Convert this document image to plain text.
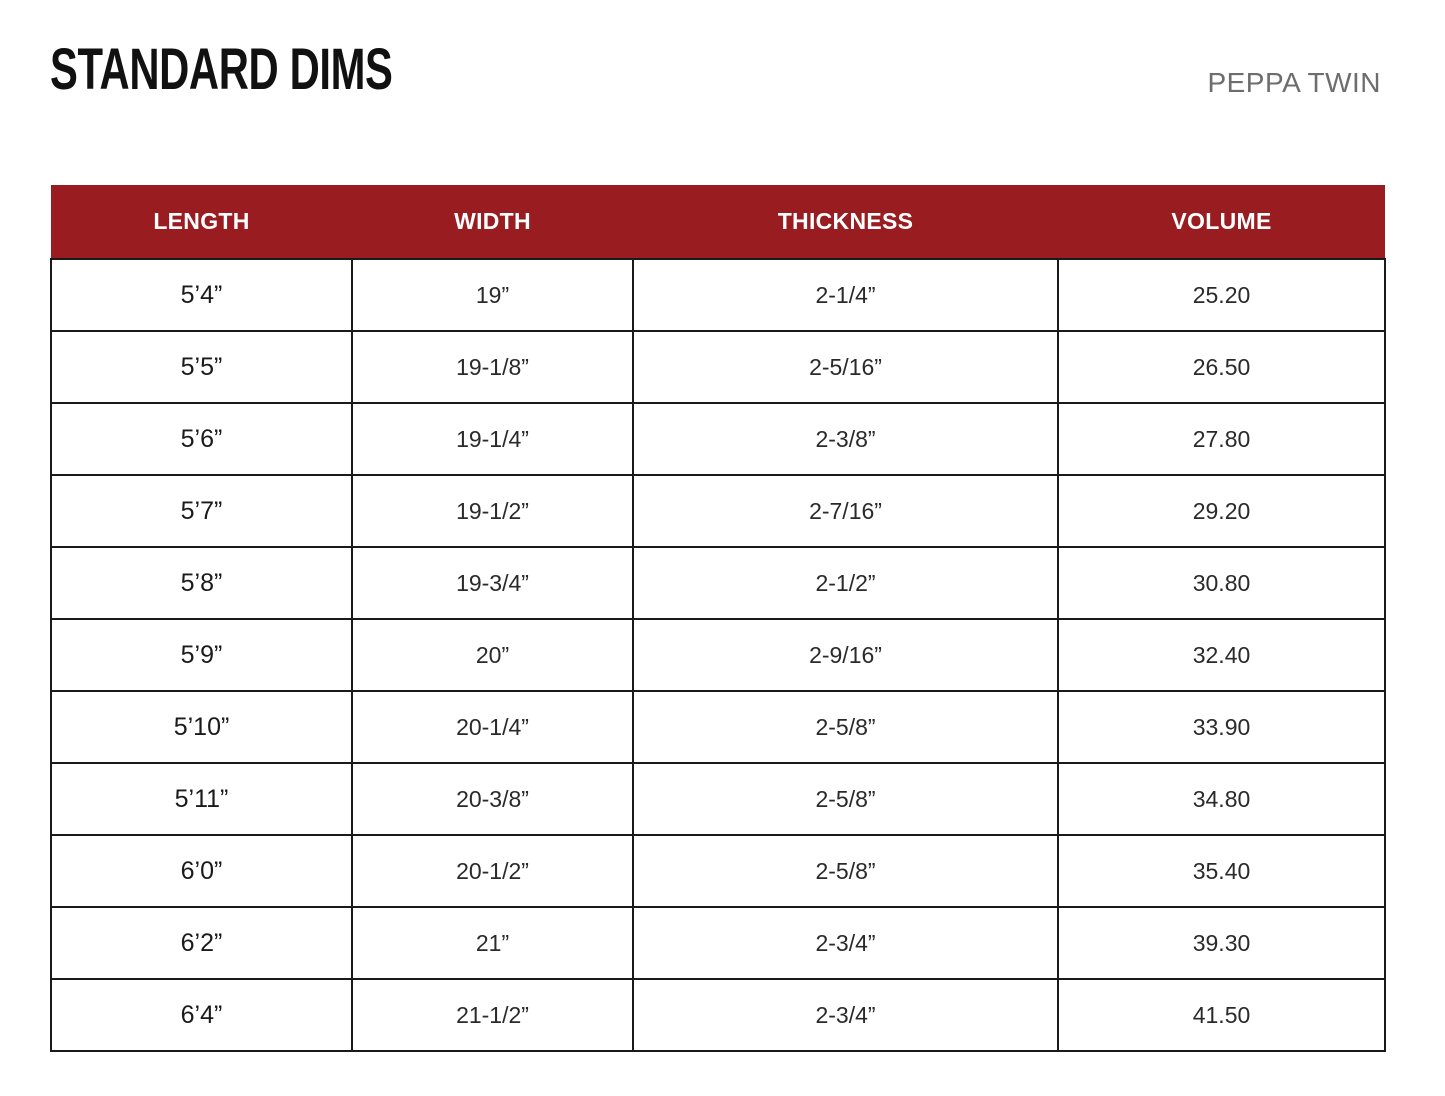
STANDARD DIMS	PEPPA TWIN
LENGTH	WIDTH	THICKNESS	VOLUME
5’4”	19”	2-1/4”	25.20
5’5”	19-1/8”	2-5/16”	26.50
5’6”	19-1/4”	2-3/8”	27.80
5’7”	19-1/2”	2-7/16”	29.20
5’8”	19-3/4”	2-1/2”	30.80
5’9”	20”	2-9/16”	32.40
5’10”	20-1/4”	2-5/8”	33.90
5’11”	20-3/8”	2-5/8”	34.80
6’0”	20-1/2”	2-5/8”	35.40
6’2”	21”	2-3/4”	39.30
6’4”	21-1/2”	2-3/4”	41.50
